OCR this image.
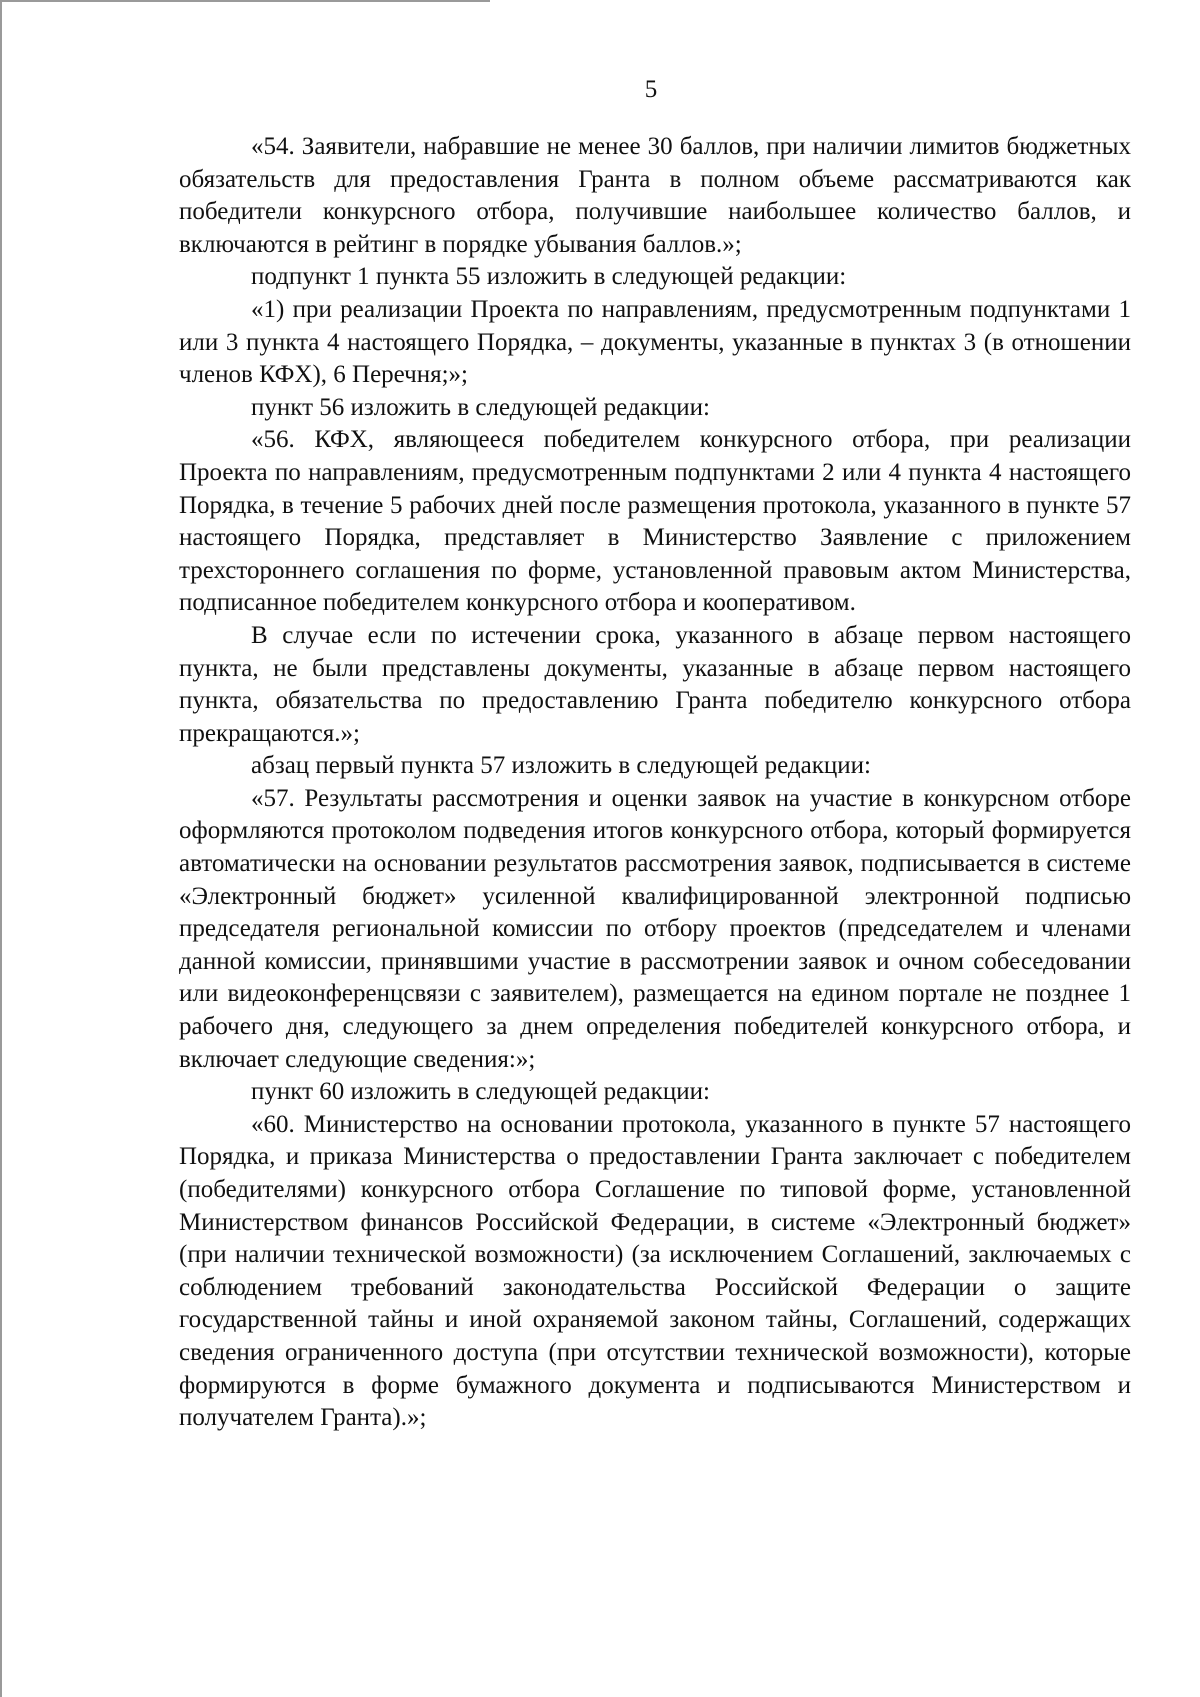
5

«54. Заявители, набравшие не менее 30 баллов, при наличии лимитов бюджетных обязательств для предоставления Гранта в полном объеме рассматриваются как победители конкурсного отбора, получившие наибольшее количество баллов, и включаются в рейтинг в порядке убывания баллов.»;

подпункт 1 пункта 55 изложить в следующей редакции:

«1) при реализации Проекта по направлениям, предусмотренным подпунктами 1 или 3 пункта 4 настоящего Порядка, – документы, указанные в пунктах 3 (в отношении членов КФХ), 6 Перечня;»;

пункт 56 изложить в следующей редакции:

«56. КФХ, являющееся победителем конкурсного отбора, при реализации Проекта по направлениям, предусмотренным подпунктами 2 или 4 пункта 4 настоящего Порядка, в течение 5 рабочих дней после размещения протокола, указанного в пункте 57 настоящего Порядка, представляет в Министерство Заявление с приложением трехстороннего соглашения по форме, установленной правовым актом Министерства, подписанное победителем конкурсного отбора и кооперативом.

В случае если по истечении срока, указанного в абзаце первом настоящего пункта, не были представлены документы, указанные в абзаце первом настоящего пункта, обязательства по предоставлению Гранта победителю конкурсного отбора прекращаются.»;

абзац первый пункта 57 изложить в следующей редакции:

«57. Результаты рассмотрения и оценки заявок на участие в конкурсном отборе оформляются протоколом подведения итогов конкурсного отбора, который формируется автоматически на основании результатов рассмотрения заявок, подписывается в системе «Электронный бюджет» усиленной квалифицированной электронной подписью председателя региональной комиссии по отбору проектов (председателем и членами данной комиссии, принявшими участие в рассмотрении заявок и очном собеседовании или видеоконференцсвязи с заявителем), размещается на едином портале не позднее 1 рабочего дня, следующего за днем определения победителей конкурсного отбора, и включает следующие сведения:»;

пункт 60 изложить в следующей редакции:

«60. Министерство на основании протокола, указанного в пункте 57 настоящего Порядка, и приказа Министерства о предоставлении Гранта заключает с победителем (победителями) конкурсного отбора Соглашение по типовой форме, установленной Министерством финансов Российской Федерации, в системе «Электронный бюджет» (при наличии технической возможности) (за исключением Соглашений, заключаемых с соблюдением требований законодательства Российской Федерации о защите государственной тайны и иной охраняемой законом тайны, Соглашений, содержащих сведения ограниченного доступа (при отсутствии технической возможности), которые формируются в форме бумажного документа и подписываются Министерством и получателем Гранта).»;
